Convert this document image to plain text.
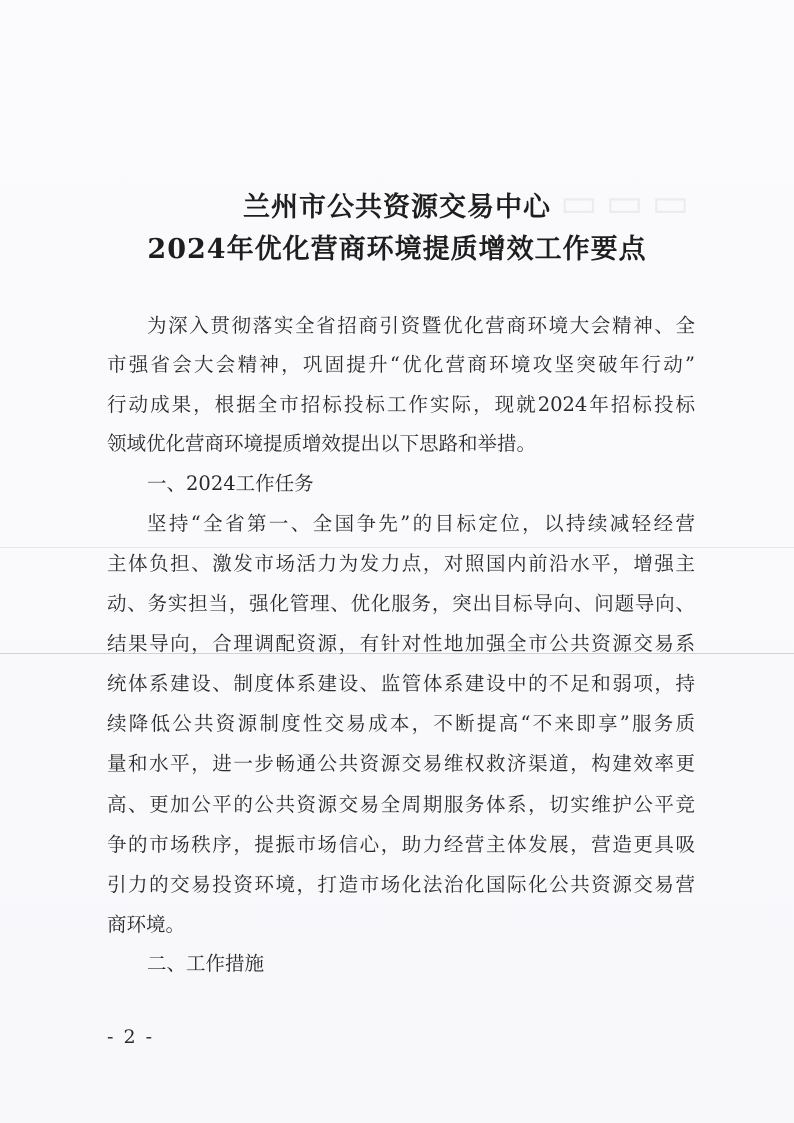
▭▭▭
兰州市公共资源交易中心
2024年优化营商环境提质增效工作要点
为深入贯彻落实全省招商引资暨优化营商环境大会精神、全
市强省会大会精神，巩固提升“优化营商环境攻坚突破年行动”
行动成果，根据全市招标投标工作实际，现就2024年招标投标
领域优化营商环境提质增效提出以下思路和举措。
一、2024工作任务
坚持“全省第一、全国争先”的目标定位，以持续减轻经营
主体负担、激发市场活力为发力点，对照国内前沿水平，增强主
动、务实担当，强化管理、优化服务，突出目标导向、问题导向、
结果导向，合理调配资源，有针对性地加强全市公共资源交易系
统体系建设、制度体系建设、监管体系建设中的不足和弱项，持
续降低公共资源制度性交易成本，不断提高“不来即享”服务质
量和水平，进一步畅通公共资源交易维权救济渠道，构建效率更
高、更加公平的公共资源交易全周期服务体系，切实维护公平竞
争的市场秩序，提振市场信心，助力经营主体发展，营造更具吸
引力的交易投资环境，打造市场化法治化国际化公共资源交易营
商环境。
二、工作措施
- 2 -
